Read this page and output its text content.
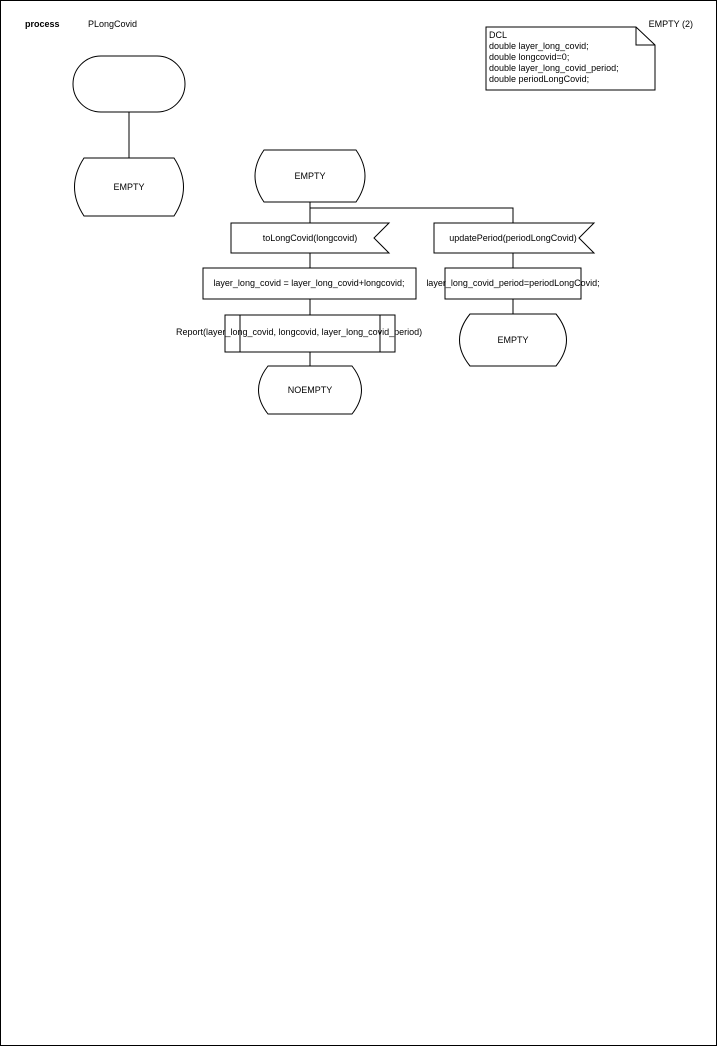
process	PLongCovid	EMPTY (2)
DCL
double layer_long_covid;
double longcovid=0;
double layer_long_covid_period;
double periodLongCovid;
EMPTY
EMPTY
toLongCovid(longcovid)
layer_long_covid = layer_long_covid+longcovid;
Report(layer_long_covid, longcovid, layer_long_covid_period)
NOEMPTY
updatePeriod(periodLongCovid)
layer_long_covid_period=periodLongCovid;
EMPTY
